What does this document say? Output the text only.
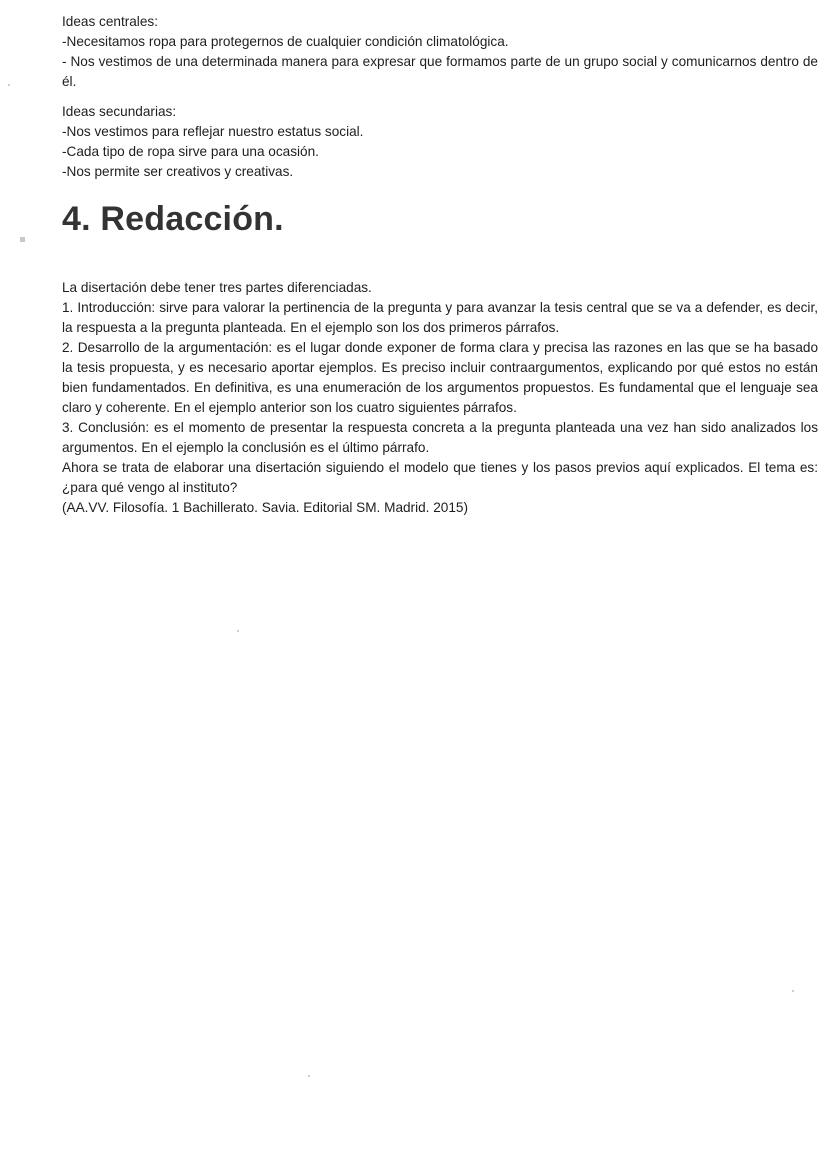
Ideas centrales:

-Necesitamos ropa para protegernos de cualquier condición climatológica.

- Nos vestimos de una determinada manera para expresar que formamos parte de un grupo social y comunicarnos dentro de él.

Ideas secundarias:

-Nos vestimos para reflejar nuestro estatus social.

-Cada tipo de ropa sirve para una ocasión.

-Nos permite ser creativos y creativas.

4. Redacción.

La disertación debe tener tres partes diferenciadas.

1. Introducción: sirve para valorar la pertinencia de la pregunta y para avanzar la tesis central que se va a defender, es decir, la respuesta a la pregunta planteada. En el ejemplo son los dos primeros párrafos.

2. Desarrollo de la argumentación: es el lugar donde exponer de forma clara y precisa las razones en las que se ha basado la tesis propuesta, y es necesario aportar ejemplos. Es preciso incluir contraargumentos, explicando por qué estos no están bien fundamentados. En definitiva, es una enumeración de los argumentos propuestos. Es fundamental que el lenguaje sea claro y coherente. En el ejemplo anterior son los cuatro siguientes párrafos.

3. Conclusión: es el momento de presentar la respuesta concreta a la pregunta planteada una vez han sido analizados los argumentos. En el ejemplo la conclusión es el último párrafo.

Ahora se trata de elaborar una disertación siguiendo el modelo que tienes y los pasos previos aquí explicados. El tema es: ¿para qué vengo al instituto?

(AA.VV. Filosofía. 1 Bachillerato. Savia. Editorial SM. Madrid. 2015)
